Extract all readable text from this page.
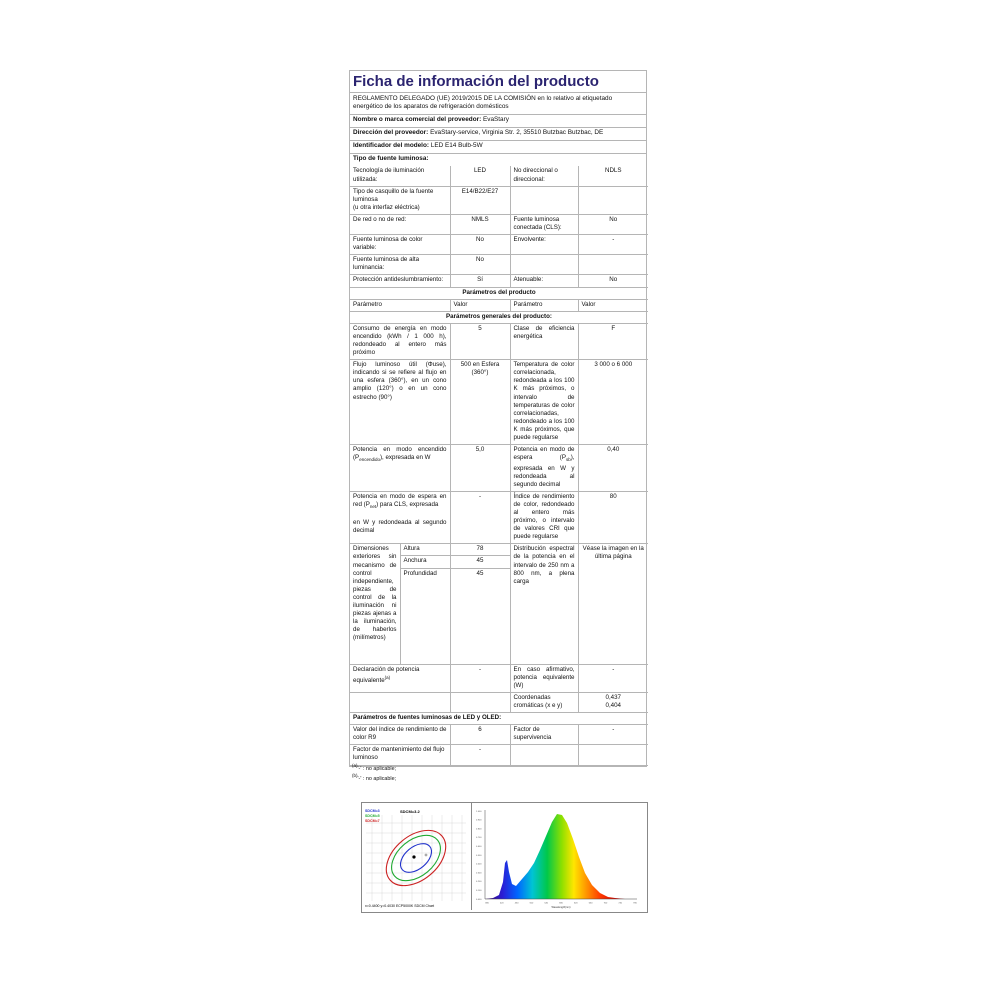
Ficha de información del producto
REGLAMENTO DELEGADO (UE) 2019/2015 DE LA COMISIÓN en lo relativo al etiquetado energético de los aparatos de refrigeración domésticos
Nombre o marca comercial del proveedor: EvaStary
Dirección del proveedor: EvaStary-service, Virginia Str. 2, 35510 Butzbac Butzbac, DE
Identificador del modelo: LED E14 Bulb-5W
Tipo de fuente luminosa:
Tecnología de iluminación utilizada:		LED	No direccional o direccional:	NDLS

Tipo de casquillo de la fuente luminosa
(u otra interfaz eléctrica)		E14/B22/E27		
De red o no de red:		NMLS	Fuente luminosa conectada (CLS):	No
Fuente luminosa de color variable:		No	Envolvente:	-
Fuente luminosa de alta luminancia:		No		
Protección antideslumbramiento:		Sí	Atenuable:	No
Parámetros del producto				
Parámetro		Valor	Parámetro	Valor
Parámetros generales del producto:				
Consumo de energía en modo encendido (kWh / 1 000 h), redondeado al entero más próximo		5	Clase de eficiencia energética	F
Flujo luminoso útil (Φuse), indicando si se refiere al flujo en una esfera (360°), en un cono amplio (120°) o en un cono estrecho (90°)		500 en Esfera (360°)	Temperatura de color correlacionada, redondeada a los 100 K más próximos, o intervalo de temperaturas de color correlacionadas, redondeado a los 100 K más próximos, que puede regularse	3 000 o 6 000
Potencia en modo encendido $(P_{encendido})$, expresada en W		5,0	Potencia en modo de espera $(P_{sb})$, expresada en W y redondeada al segundo decimal	0,40

Potencia en modo de espera en red $(P_{net})$ para CLS, expresada
en W y redondeada al segundo decimal		-	Índice de rendimiento de color, redondeado al entero más próximo, o intervalo de valores CRI que puede regularse	80
Dimensiones exteriores sin mecanismo de control independiente, piezas de control de la iluminación ni piezas ajenas a la iluminación, de haberlos (milímetros)	Altura	78	Distribución espectral de la potencia en el intervalo de 250 nm a 800 nm, a plena carga	Véase la imagen en la última página
	Anchura	45		
	Profundidad	45		
Declaración de potencia equivalente$^{(a)}$		-	En caso afirmativo, potencia equivalente (W)	-
			Coordenadas cromáticas (x e y)	0,437
0,404

Parámetros de fuentes luminosas de LED y OLED:				
Valor del índice de rendimiento de color R9		6	Factor de supervivencia	-
Factor de mantenimiento del flujo luminoso		-		
$^{(a)}$'-' : no aplicable;
$^{(b)}$'-' : no aplicable;
SDCM=3
SDCM=5
SDCM=7
SDCM=3.2
x=0.4400 y=0.4030 ECP5000K SDCM Chart
1.000
0.900
0.800
0.700
0.600
0.500
0.400
0.300
0.200
0.100
0.000
380	420	460	500	540	580	620	660	700	740	780
Wavelength(nm)
